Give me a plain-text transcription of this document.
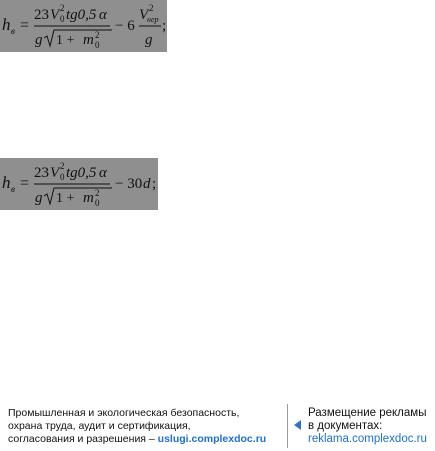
h в =
23 V 2
0 tg0,5 α
g 1 + m 2
0
− 6
V 2
нер
g
;
h в =
23 V 2
0 tg0,5 α
g 1 + m 2
0
− 30 d ;
Промышленная и экологическая безопасность,
охрана труда, аудит и сертификация,
согласования и разрешения – uslugi.complexdoc.ru
Размещение рекламы
в документах:
reklama.complexdoc.ru
